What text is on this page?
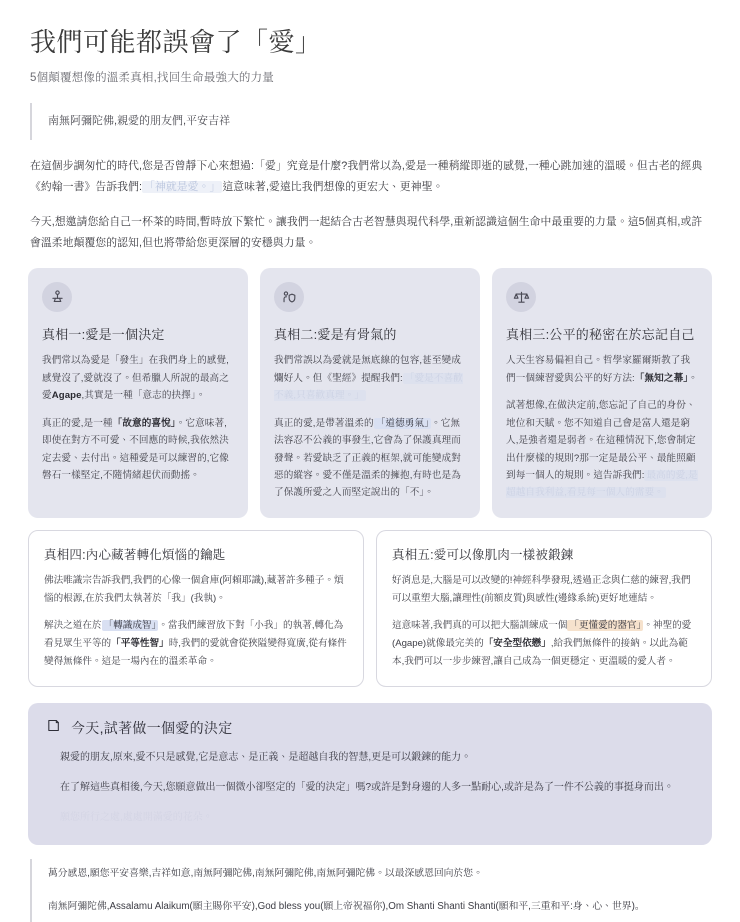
我們可能都誤會了「愛」
5個顛覆想像的溫柔真相,找回生命最強大的力量
南無阿彌陀佛,親愛的朋友們,平安吉祥

在這個步調匆忙的時代,您是否曾靜下心來想過:「愛」究竟是什麼?我們常以為,愛是一種稍縱即逝的感覺,一種心跳加速的溫暖。但古老的經典《約翰一書》告訴我們: 「神就是愛。」 這意味著,愛遠比我們想像的更宏大、更神聖。

今天,想邀請您給自己一杯茶的時間,暫時放下繁忙。讓我們一起結合古老智慧與現代科學,重新認識這個生命中最重要的力量。這5個真相,或許會溫柔地顛覆您的認知,但也將帶給您更深層的安穩與力量。

真相一:愛是一個決定

我們常以為愛是「發生」在我們身上的感覺,感覺沒了,愛就沒了。但希臘人所說的最高之愛Agape,其實是一種「意志的抉擇」。

真正的愛,是一種「故意的喜悅」。它意味著,即使在對方不可愛、不回應的時候,我依然決定去愛、去付出。這種愛是可以練習的,它像磐石一樣堅定,不隨情緒起伏而動搖。

真相二:愛是有骨氣的

我們常誤以為愛就是無底線的包容,甚至變成爛好人。但《聖經》提醒我們: 「愛是不喜歡不義,只喜歡真理。」

真正的愛,是帶著溫柔的 「道德勇氣」 。它無法容忍不公義的事發生,它會為了保護真理而發聲。若愛缺乏了正義的框架,就可能變成對惡的縱容。愛不僅是溫柔的擁抱,有時也是為了保護所愛之人而堅定說出的「不」。

真相三:公平的秘密在於忘記自己

人天生容易偏袒自己。哲學家羅爾斯教了我們一個練習愛與公平的好方法:「無知之幕」。

試著想像,在做決定前,您忘記了自己的身份、地位和天賦。您不知道自己會是富人還是窮人,是強者還是弱者。在這種情況下,您會制定出什麼樣的規則?那一定是最公平、最能照顧到每一個人的規則。這告訴我們: 最高的愛,是超越自我利益,看見每一個人的需要。

真相四:內心藏著轉化煩惱的鑰匙

佛法唯識宗告訴我們,我們的心像一個倉庫(阿賴耶識),藏著許多種子。煩惱的根源,在於我們太執著於「我」(我執)。

解決之道在於 「轉識成智」 。當我們練習放下對「小我」的執著,轉化為看見眾生平等的「平等性智」時,我們的愛就會從狹隘變得寬廣,從有條件變得無條件。這是一場內在的溫柔革命。

真相五:愛可以像肌肉一樣被鍛鍊

好消息是,大腦是可以改變的!神經科學發現,透過正念與仁慈的練習,我們可以重塑大腦,讓理性(前額皮質)與感性(邊緣系統)更好地連結。

這意味著,我們真的可以把大腦訓練成一個 「更懂愛的器官」 。神聖的愛(Agape)就像最完美的「安全型依戀」,給我們無條件的接納。以此為範本,我們可以一步步練習,讓自己成為一個更穩定、更溫暖的愛人者。

今天,試著做一個愛的決定

親愛的朋友,原來,愛不只是感覺,它是意志、是正義、是超越自我的智慧,更是可以鍛鍊的能力。

在了解這些真相後,今天,您願意做出一個微小卻堅定的「愛的決定」嗎?或許是對身邊的人多一點耐心,或許是為了一件不公義的事挺身而出。

願您所行之處,處處開滿愛的花朵。

萬分感恩,願您平安喜樂,吉祥如意,南無阿彌陀佛,南無阿彌陀佛,南無阿彌陀佛。以最深感恩回向於您。

南無阿彌陀佛,Assalamu Alaikum(願主賜你平安),God bless you(願上帝祝福你),Om Shanti Shanti Shanti(願和平,三重和平:身、心、世界)。
